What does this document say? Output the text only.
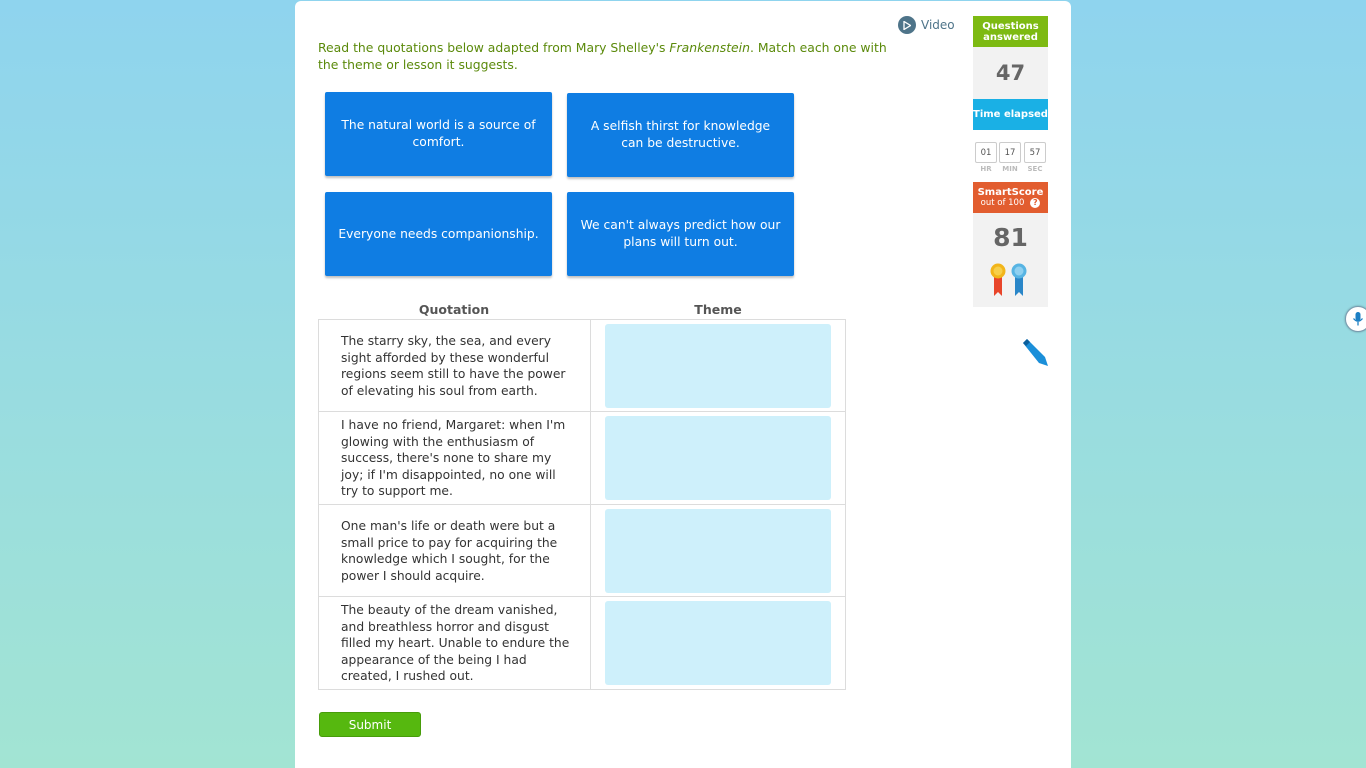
Video
Read the quotations below adapted from Mary Shelley's Frankenstein. Match each one with the theme or lesson it suggests.
The natural world is a source of comfort.
A selfish thirst for knowledge can be destructive.
Everyone needs companionship.
We can't always predict how our plans will turn out.
Quotation	Theme
The starry sky, the sea, and every sight afforded by these wonderful regions seem still to have the power of elevating his soul from earth.
I have no friend, Margaret: when I'm glowing with the enthusiasm of success, there's none to share my joy; if I'm disappointed, no one will try to support me.
One man's life or death were but a small price to pay for acquiring the knowledge which I sought, for the power I should acquire.
The beauty of the dream vanished, and breathless horror and disgust filled my heart. Unable to endure the appearance of the being I had created, I rushed out.
Submit
Questions answered
47
Time elapsed
01	17	57
HR	MIN	SEC
SmartScore
out of 100	?
81
